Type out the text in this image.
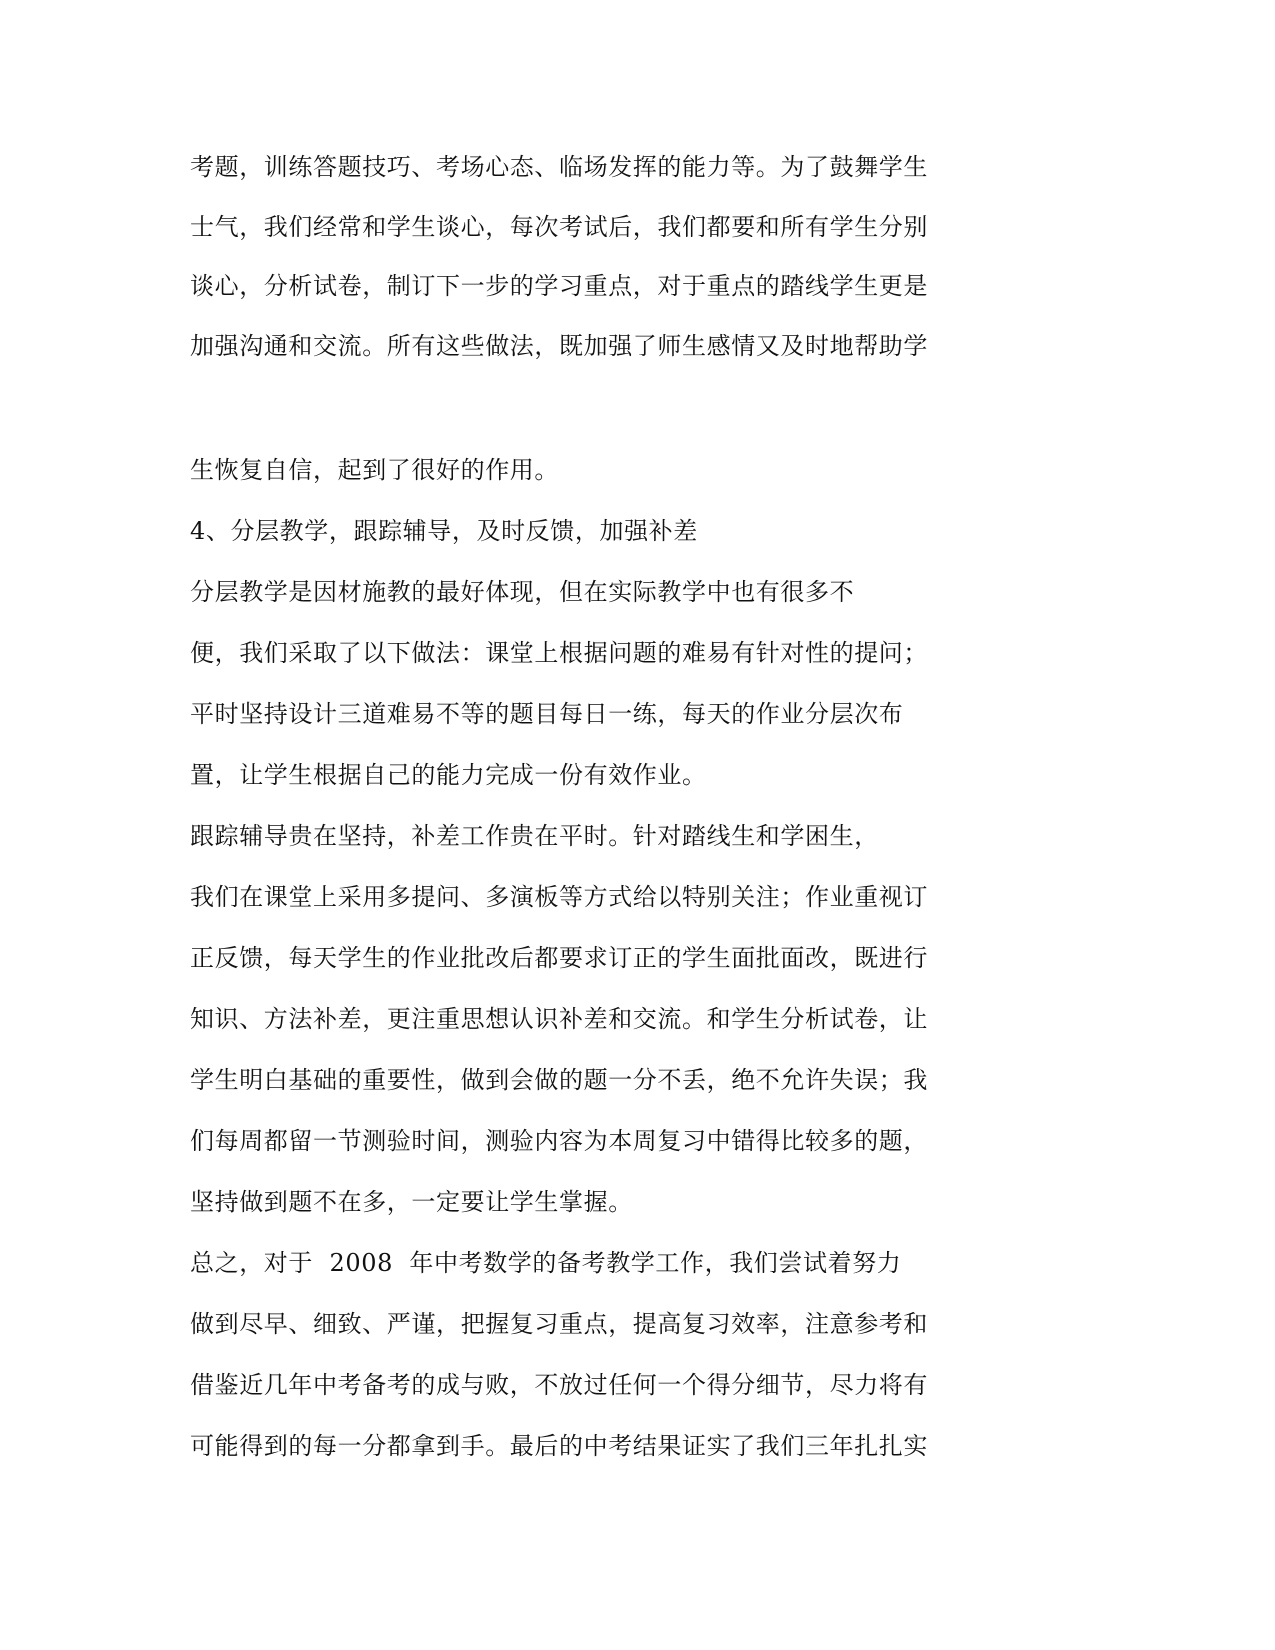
考题，训练答题技巧、考场心态、临场发挥的能力等。为了鼓舞学生
士气，我们经常和学生谈心，每次考试后，我们都要和所有学生分别
谈心，分析试卷，制订下一步的学习重点，对于重点的踏线学生更是
加强沟通和交流。所有这些做法，既加强了师生感情又及时地帮助学
生恢复自信，起到了很好的作用。
4、分层教学，跟踪辅导，及时反馈，加强补差
分层教学是因材施教的最好体现，但在实际教学中也有很多不
便，我们采取了以下做法：课堂上根据问题的难易有针对性的提问；
平时坚持设计三道难易不等的题目每日一练，每天的作业分层次布
置，让学生根据自己的能力完成一份有效作业。
跟踪辅导贵在坚持，补差工作贵在平时。针对踏线生和学困生，
我们在课堂上采用多提问、多演板等方式给以特别关注；作业重视订
正反馈，每天学生的作业批改后都要求订正的学生面批面改，既进行
知识、方法补差，更注重思想认识补差和交流。和学生分析试卷，让
学生明白基础的重要性，做到会做的题一分不丢，绝不允许失误；我
们每周都留一节测验时间，测验内容为本周复习中错得比较多的题，
坚持做到题不在多，一定要让学生掌握。
总之，对于  2008  年中考数学的备考教学工作，我们尝试着努力
做到尽早、细致、严谨，把握复习重点，提高复习效率，注意参考和
借鉴近几年中考备考的成与败，不放过任何一个得分细节，尽力将有
可能得到的每一分都拿到手。最后的中考结果证实了我们三年扎扎实
